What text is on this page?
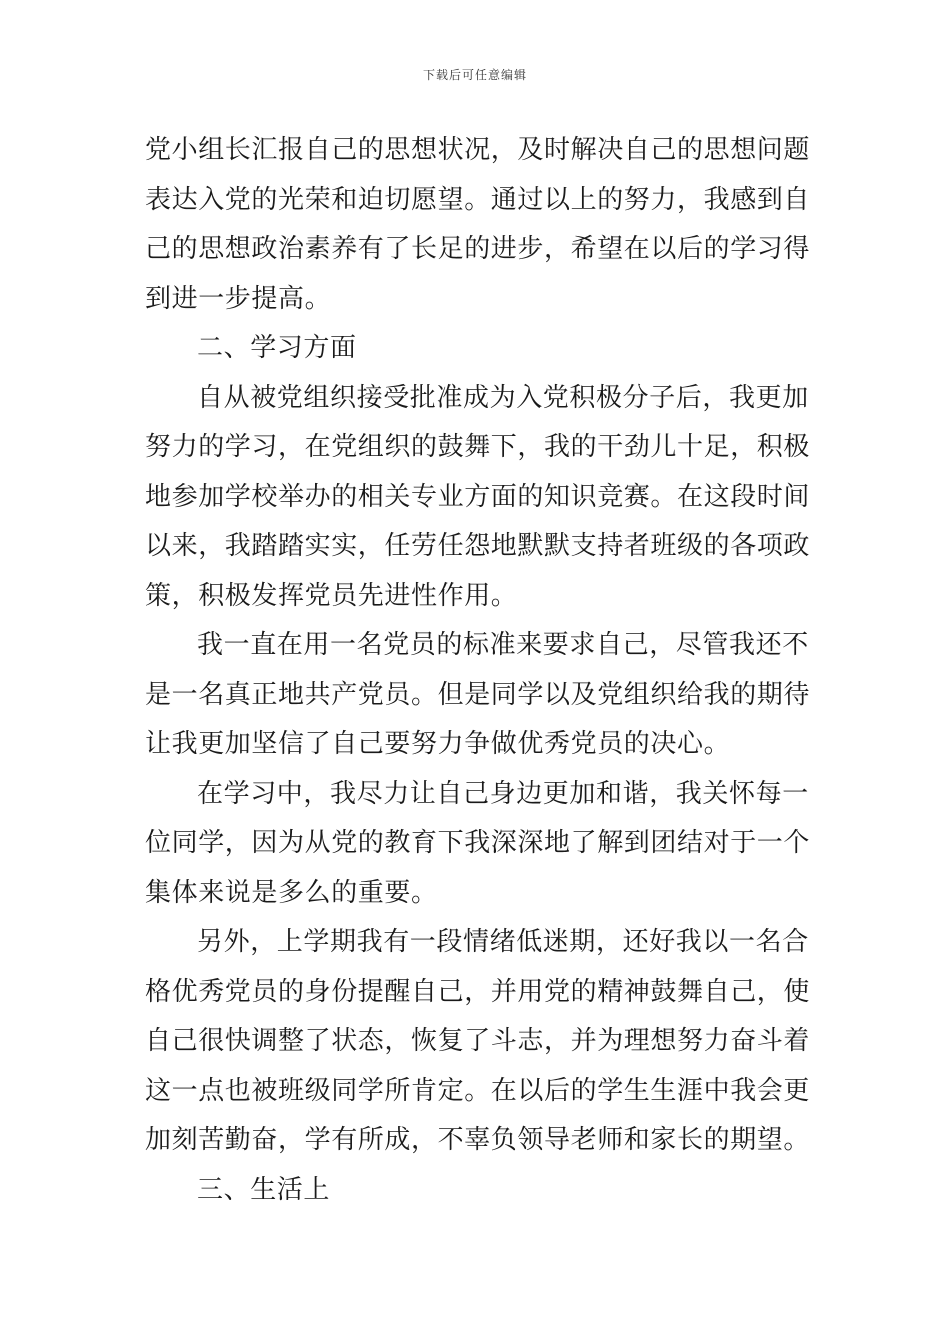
下载后可任意编辑
党小组长汇报自己的思想状况，及时解决自己的思想问题
表达入党的光荣和迫切愿望。通过以上的努力，我感到自
己的思想政治素养有了长足的进步，希望在以后的学习得
到进一步提高。
二、学习方面
自从被党组织接受批准成为入党积极分子后，我更加
努力的学习，在党组织的鼓舞下，我的干劲儿十足，积极
地参加学校举办的相关专业方面的知识竞赛。在这段时间
以来，我踏踏实实，任劳任怨地默默支持者班级的各项政
策，积极发挥党员先进性作用。
我一直在用一名党员的标准来要求自己，尽管我还不
是一名真正地共产党员。但是同学以及党组织给我的期待
让我更加坚信了自己要努力争做优秀党员的决心。
在学习中，我尽力让自己身边更加和谐，我关怀每一
位同学，因为从党的教育下我深深地了解到团结对于一个
集体来说是多么的重要。
另外，上学期我有一段情绪低迷期，还好我以一名合
格优秀党员的身份提醒自己，并用党的精神鼓舞自己，使
自己很快调整了状态，恢复了斗志，并为理想努力奋斗着
这一点也被班级同学所肯定。在以后的学生生涯中我会更
加刻苦勤奋，学有所成，不辜负领导老师和家长的期望。
三、生活上
